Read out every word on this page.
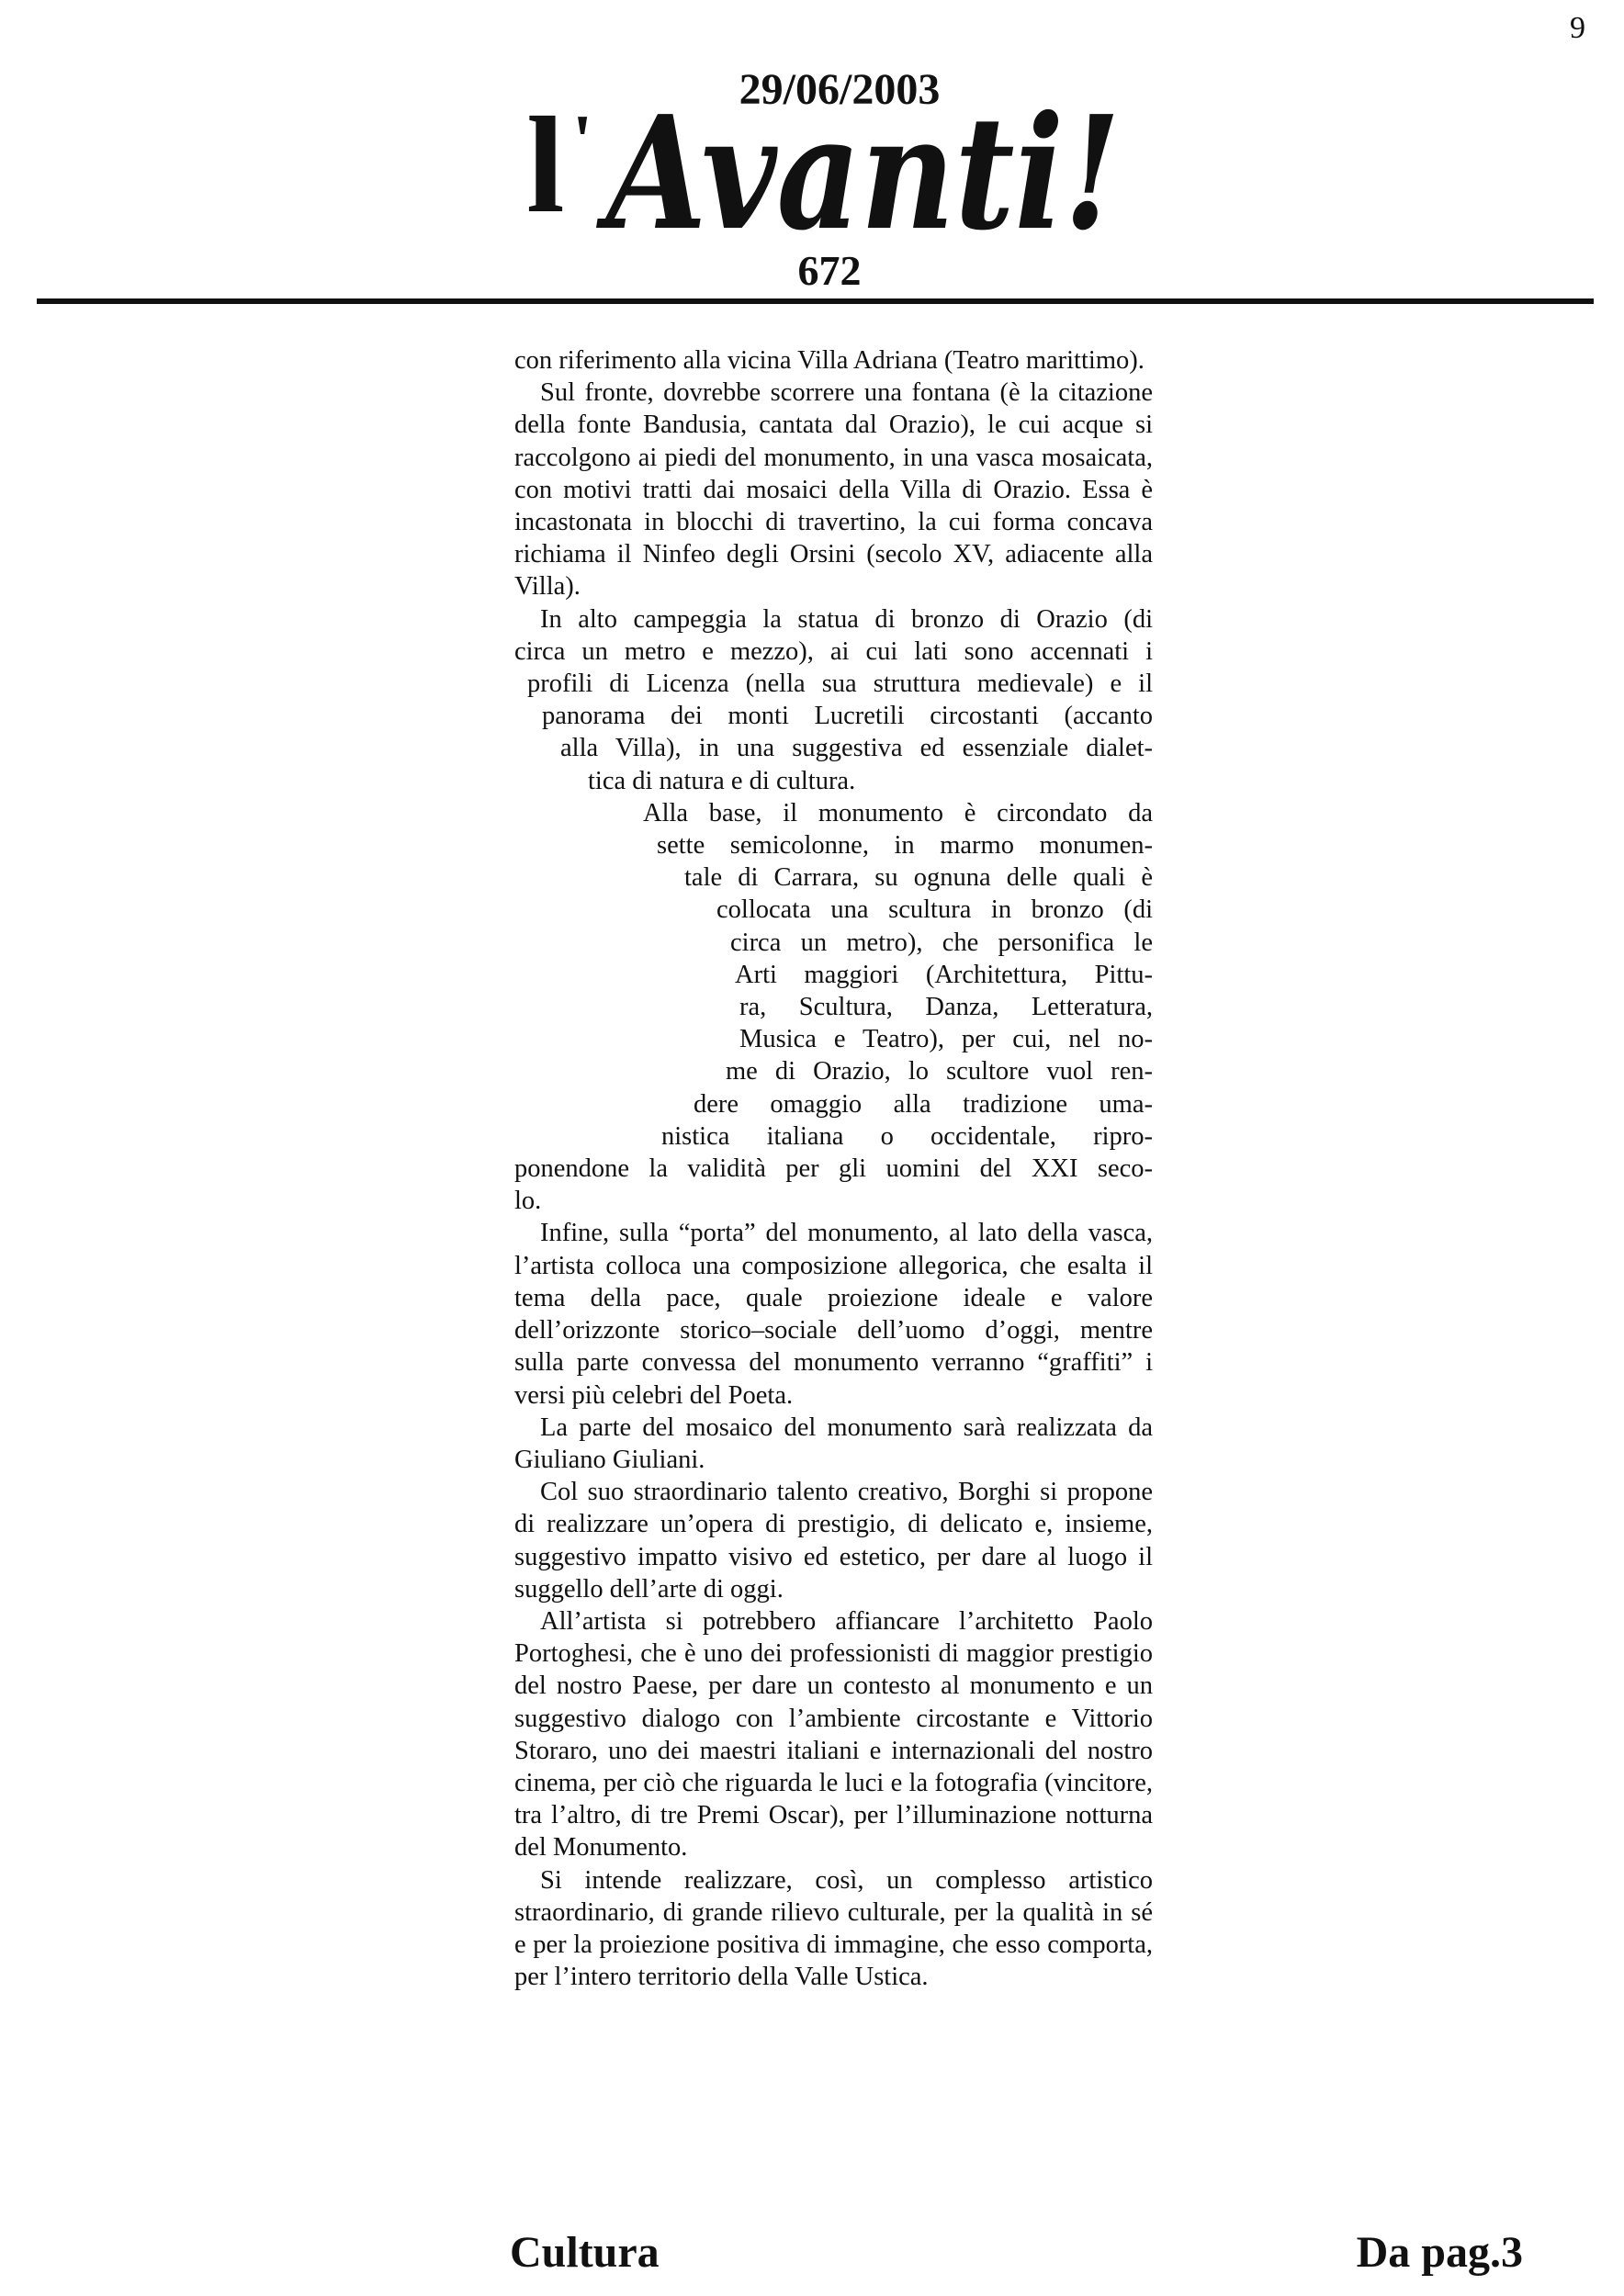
9
29/06/2003
l ' Avanti!
672

con riferimento alla vicina Villa Adriana (Teatro marittimo).

Sul fronte, dovrebbe scorrere una fontana (è la citazione della fonte Bandusia, cantata dal Orazio), le cui acque si raccolgono ai piedi del monumento, in una vasca mosaicata, con motivi tratti dai mosaici della Villa di Orazio. Essa è incastonata in blocchi di travertino, la cui forma concava richiama il Ninfeo degli Orsini (secolo XV, adiacente alla Villa).

In alto campeggia la statua di bronzo di Orazio (di
circa un metro e mezzo), ai cui lati sono accennati i
profili di Licenza (nella sua struttura medievale) e il
panorama dei monti Lucretili circostanti (accanto
alla Villa), in una suggestiva ed essenziale dialet-
tica di natura e di cultura.
Alla base, il monumento è circondato da
sette semicolonne, in marmo monumen-
tale di Carrara, su ognuna delle quali è
collocata una scultura in bronzo (di
circa un metro), che personifica le
Arti maggiori (Architettura, Pittu-
ra, Scultura, Danza, Letteratura,
Musica e Teatro), per cui, nel no-
me di Orazio, lo scultore vuol ren-
dere omaggio alla tradizione uma-
nistica italiana o occidentale, ripro-
ponendone la validità per gli uomini del XXI seco-
lo.

Infine, sulla “porta” del monumento, al lato della vasca, l’artista colloca una composizione allegorica, che esalta il tema della pace, quale proiezione ideale e valore dell’orizzonte storico–sociale dell’uomo d’oggi, mentre sulla parte convessa del monumento verranno “graffiti” i versi più celebri del Poeta.

La parte del mosaico del monumento sarà realizzata da Giuliano Giuliani.

Col suo straordinario talento creativo, Borghi si propone di realizzare un’opera di prestigio, di delicato e, insieme, suggestivo impatto visivo ed estetico, per dare al luogo il suggello dell’arte di oggi.

All’artista si potrebbero affiancare l’architetto Paolo Portoghesi, che è uno dei professionisti di maggior prestigio del nostro Paese, per dare un contesto al monumento e un suggestivo dialogo con l’ambiente circostante e Vittorio Storaro, uno dei maestri italiani e internazionali del nostro cinema, per ciò che riguarda le luci e la fotografia (vincitore, tra l’altro, di tre Premi Oscar), per l’illuminazione notturna del Monumento.

Si intende realizzare, così, un complesso artistico straordinario, di grande rilievo culturale, per la qualità in sé e per la proiezione positiva di immagine, che esso comporta, per l’intero territorio della Valle Ustica.

Cultura	Da pag.3
